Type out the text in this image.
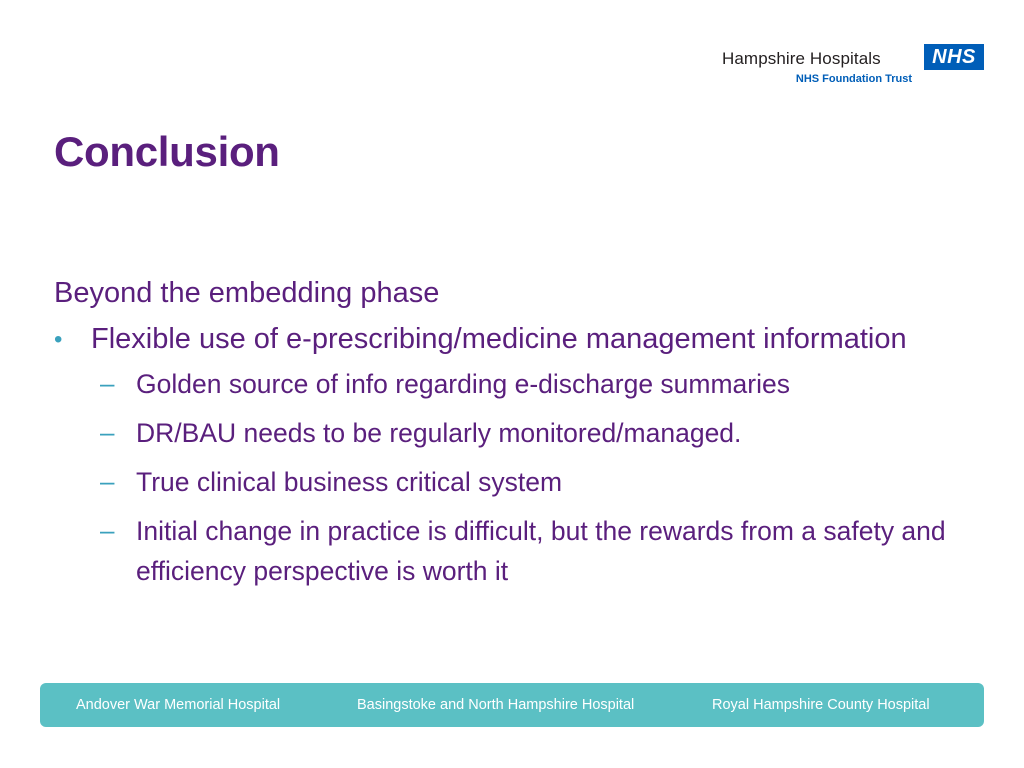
Hampshire Hospitals	NHS
NHS Foundation Trust
Conclusion

Beyond the embedding phase

• Flexible use of e-prescribing/medicine management information
– Golden source of info regarding e-discharge summaries
– DR/BAU needs to be regularly monitored/managed.
– True clinical business critical system
– Initial change in practice is difficult, but the rewards from a safety and efficiency perspective is worth it
Andover War Memorial Hospital	Basingstoke and North Hampshire Hospital	Royal Hampshire County Hospital
